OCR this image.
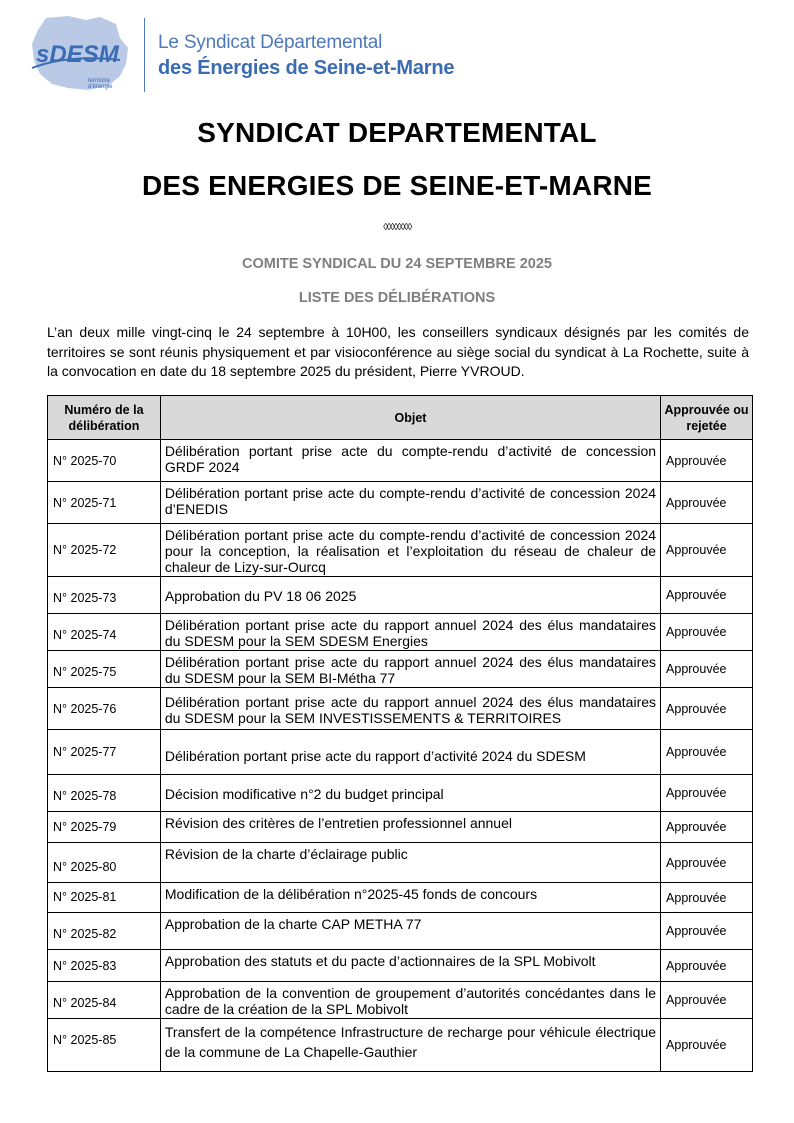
sDESM
territoire
d'énergie
Le Syndicat Départemental
des Énergies de Seine-et-Marne
SYNDICAT DEPARTEMENTAL
DES ENERGIES DE SEINE-ET-MARNE
◊◊◊◊◊◊◊◊
COMITE SYNDICAL DU 24 SEPTEMBRE 2025
LISTE DES DÉLIBÉRATIONS

L’an deux mille vingt-cinq le 24 septembre à 10H00, les conseillers syndicaux désignés par les comités de territoires se sont réunis physiquement et par visioconférence au siège social du syndicat à La Rochette, suite à la convocation en date du 18 septembre 2025 du président, Pierre YVROUD.

Numéro de la délibération	Objet	Approuvée ou rejetée
N° 2025-70	Délibération portant prise acte du compte-rendu d’activité de concession GRDF 2024	Approuvée
N° 2025-71	Délibération portant prise acte du compte-rendu d’activité de concession 2024 d’ENEDIS	Approuvée
N° 2025-72	Délibération portant prise acte du compte-rendu d’activité de concession 2024 pour la conception, la réalisation et l’exploitation du réseau de chaleur de chaleur de Lizy-sur-Ourcq	Approuvée
N° 2025-73	Approbation du PV 18 06 2025	Approuvée
N° 2025-74	Délibération portant prise acte du rapport annuel 2024 des élus mandataires du SDESM pour la SEM SDESM Energies	Approuvée
N° 2025-75	Délibération portant prise acte du rapport annuel 2024 des élus mandataires du SDESM pour la SEM BI-Métha 77	Approuvée
N° 2025-76	Délibération portant prise acte du rapport annuel 2024 des élus mandataires du SDESM pour la SEM INVESTISSEMENTS & TERRITOIRES	Approuvée
N° 2025-77	Délibération portant prise acte du rapport d’activité 2024 du SDESM	Approuvée
N° 2025-78	Décision modificative n°2 du budget principal	Approuvée
N° 2025-79	Révision des critères de l’entretien professionnel annuel	Approuvée
N° 2025-80	Révision de la charte d’éclairage public	Approuvée
N° 2025-81	Modification de la délibération n°2025-45 fonds de concours	Approuvée
N° 2025-82	Approbation de la charte CAP METHA 77	Approuvée
N° 2025-83	Approbation des statuts et du pacte d’actionnaires de la SPL Mobivolt	Approuvée
N° 2025-84	Approbation de la convention de groupement d’autorités concédantes dans le cadre de la création de la SPL Mobivolt	Approuvée
N° 2025-85	Transfert de la compétence Infrastructure de recharge pour véhicule électrique de la commune de La Chapelle-Gauthier	Approuvée
